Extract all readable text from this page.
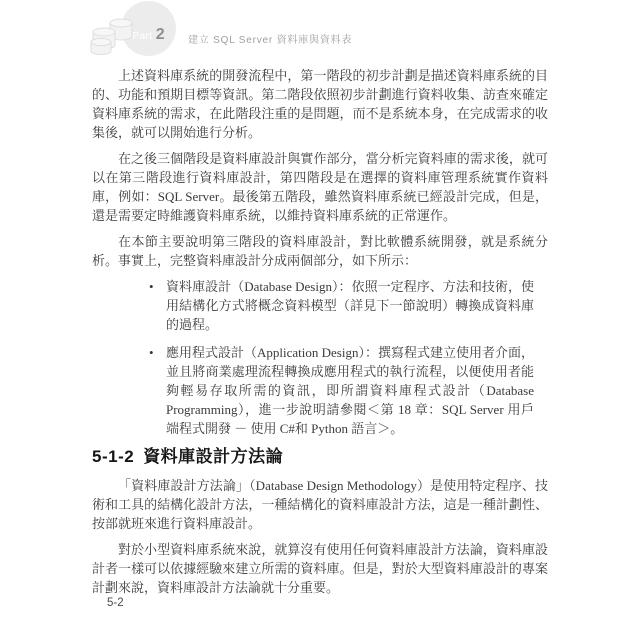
Part 2	建立 SQL Server 資料庫與資料表

上述資料庫系統的開發流程中，第一階段的初步計劃是描述資料庫系統的目的、功能和預期目標等資訊。第二階段依照初步計劃進行資料收集、訪查來確定資料庫系統的需求，在此階段注重的是問題，而不是系統本身，在完成需求的收集後，就可以開始進行分析。

在之後三個階段是資料庫設計與實作部分，當分析完資料庫的需求後，就可以在第三階段進行資料庫設計，第四階段是在選擇的資料庫管理系統實作資料庫，例如：SQL Server。最後第五階段，雖然資料庫系統已經設計完成，但是，還是需要定時維護資料庫系統，以維持資料庫系統的正常運作。

在本節主要說明第三階段的資料庫設計，對比軟體系統開發，就是系統分析。事實上，完整資料庫設計分成兩個部分，如下所示：

• 資料庫設計（Database Design）：依照一定程序、方法和技術，使用結構化方式將概念資料模型（詳見下一節說明）轉換成資料庫的過程。
• 應用程式設計（Application Design）：撰寫程式建立使用者介面，並且將商業處理流程轉換成應用程式的執行流程，以便使用者能夠輕易存取所需的資訊，即所謂資料庫程式設計（Database Programming），進一步說明請參閱＜第 18 章：SQL Server 用戶端程式開發 － 使用 C#和 Python 語言＞。
5-1-2 資料庫設計方法論

「資料庫設計方法論」（Database Design Methodology）是使用特定程序、技術和工具的結構化設計方法，一種結構化的資料庫設計方法，這是一種計劃性、按部就班來進行資料庫設計。

對於小型資料庫系統來說，就算沒有使用任何資料庫設計方法論，資料庫設計者一樣可以依據經驗來建立所需的資料庫。但是，對於大型資料庫設計的專案計劃來說，資料庫設計方法論就十分重要。

5-2
